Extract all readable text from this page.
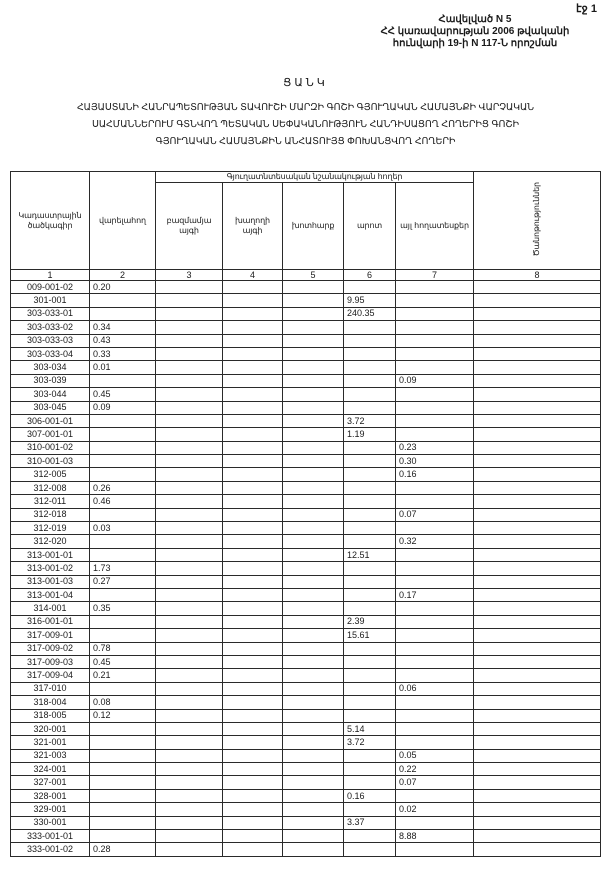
էջ 1
Հավելված N 5
ՀՀ կառավարության 2006 թվականի
հունվարի 19-ի N 117-Ն որոշման
ՑԱՆԿ
ՀԱՅԱՍՏԱՆԻ ՀԱՆՐԱՊԵՏՈՒԹՅԱՆ ՏԱՎՈՒՇԻ ՄԱՐԶԻ ԳՈՇԻ ԳՅՈՒՂԱԿԱՆ ՀԱՄԱՅՆՔԻ ՎԱՐՉԱԿԱՆ
ՍԱՀՄԱՆՆԵՐՈՒՄ ԳՏՆՎՈՂ ՊԵՏԱԿԱՆ ՍԵՓԱԿԱՆՈՒԹՅՈՒՆ ՀԱՆԴԻՍԱՑՈՂ ՀՈՂԵՐԻՑ ԳՈՇԻ
ԳՅՈՒՂԱԿԱՆ ՀԱՄԱՅՆՔԻՆ ԱՆՀԱՏՈՒՅՑ ՓՈԽԱՆՑՎՈՂ ՀՈՂԵՐԻ
Կադաստրային ծածկագիր	վարելահող	Գյուղատնտեսական նշանակության հողեր					Ծանոթություններ
		բազմամյա այգի	խաղողի այգի	խոտհարք	արոտ	այլ հողատեսքեր	
1	2	3	4	5	6	7	8
009-001-02	0.20						
301-001					9.95		
303-033-01					240.35		
303-033-02	0.34						
303-033-03	0.43						
303-033-04	0.33						
303-034	0.01						
303-039						0.09	
303-044	0.45						
303-045	0.09						
306-001-01					3.72		
307-001-01					1.19		
310-001-02						0.23	
310-001-03						0.30	
312-005						0.16	
312-008	0.26						
312-011	0.46						
312-018						0.07	
312-019	0.03						
312-020						0.32	
313-001-01					12.51		
313-001-02	1.73						
313-001-03	0.27						
313-001-04						0.17	
314-001	0.35						
316-001-01					2.39		
317-009-01					15.61		
317-009-02	0.78						
317-009-03	0.45						
317-009-04	0.21						
317-010						0.06	
318-004	0.08						
318-005	0.12						
320-001					5.14		
321-001					3.72		
321-003						0.05	
324-001						0.22	
327-001						0.07	
328-001					0.16		
329-001						0.02	
330-001					3.37		
333-001-01						8.88	
333-001-02	0.28						
